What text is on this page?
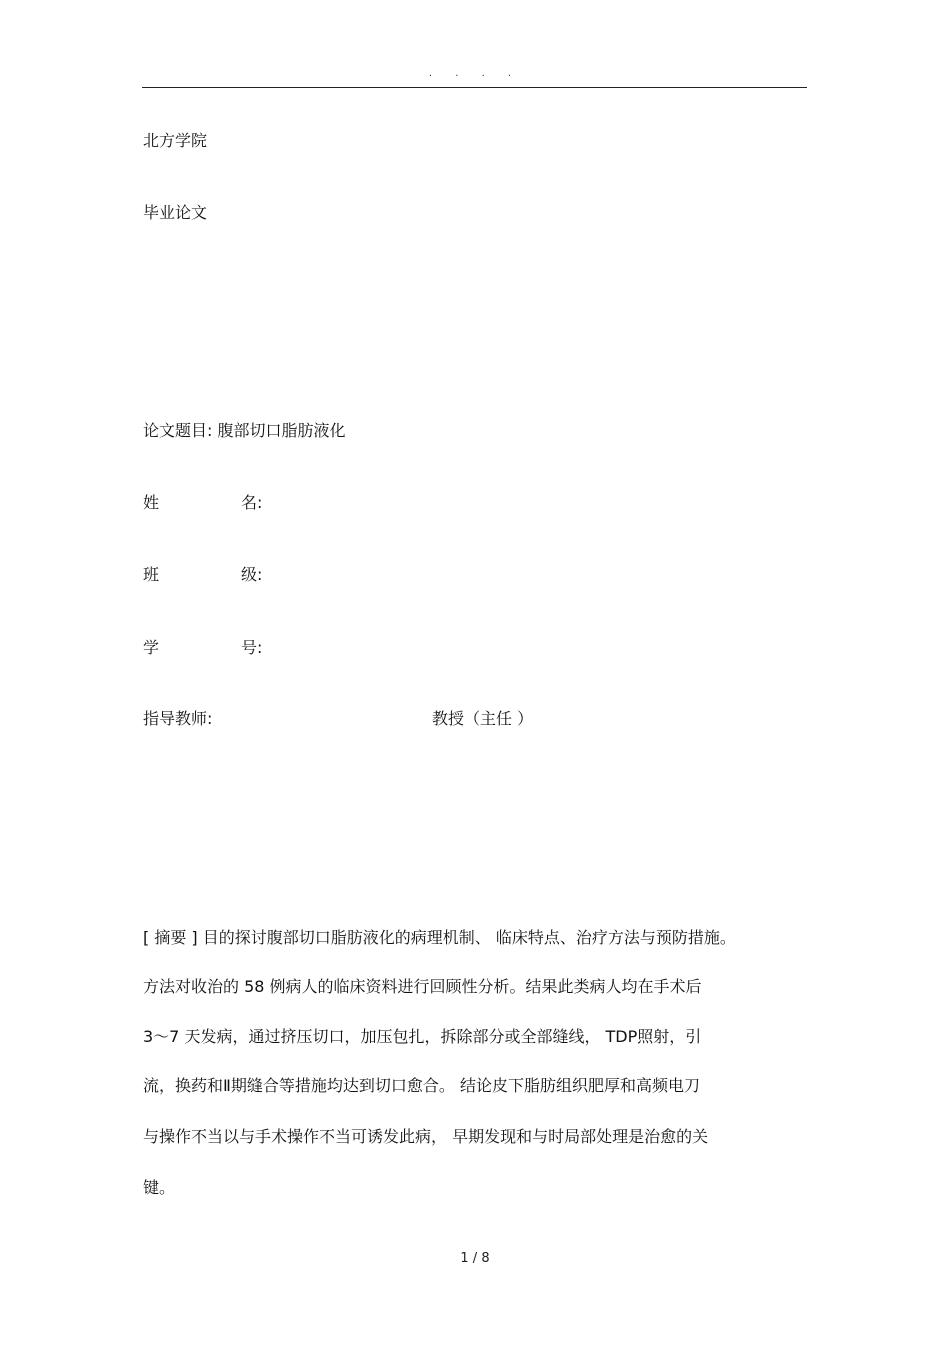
· · · ·
北方学院
毕业论文
论文题目: 腹部切口脂肪液化
姓	名:
班	级:
学	号:
指导教师:	教授（主任 ）
[ 摘要 ] 目的探讨腹部切口脂肪液化的病理机制、 临床特点、治疗方法与预防措施。
方法对收治的 58 例病人的临床资料进行回顾性分析。结果此类病人均在手术后
3～7 天发病，通过挤压切口，加压包扎，拆除部分或全部缝线， TDP照射，引
流，换药和Ⅱ期缝合等措施均达到切口愈合。 结论皮下脂肪组织肥厚和高频电刀
与操作不当以与手术操作不当可诱发此病， 早期发现和与时局部处理是治愈的关
键。
1 / 8
